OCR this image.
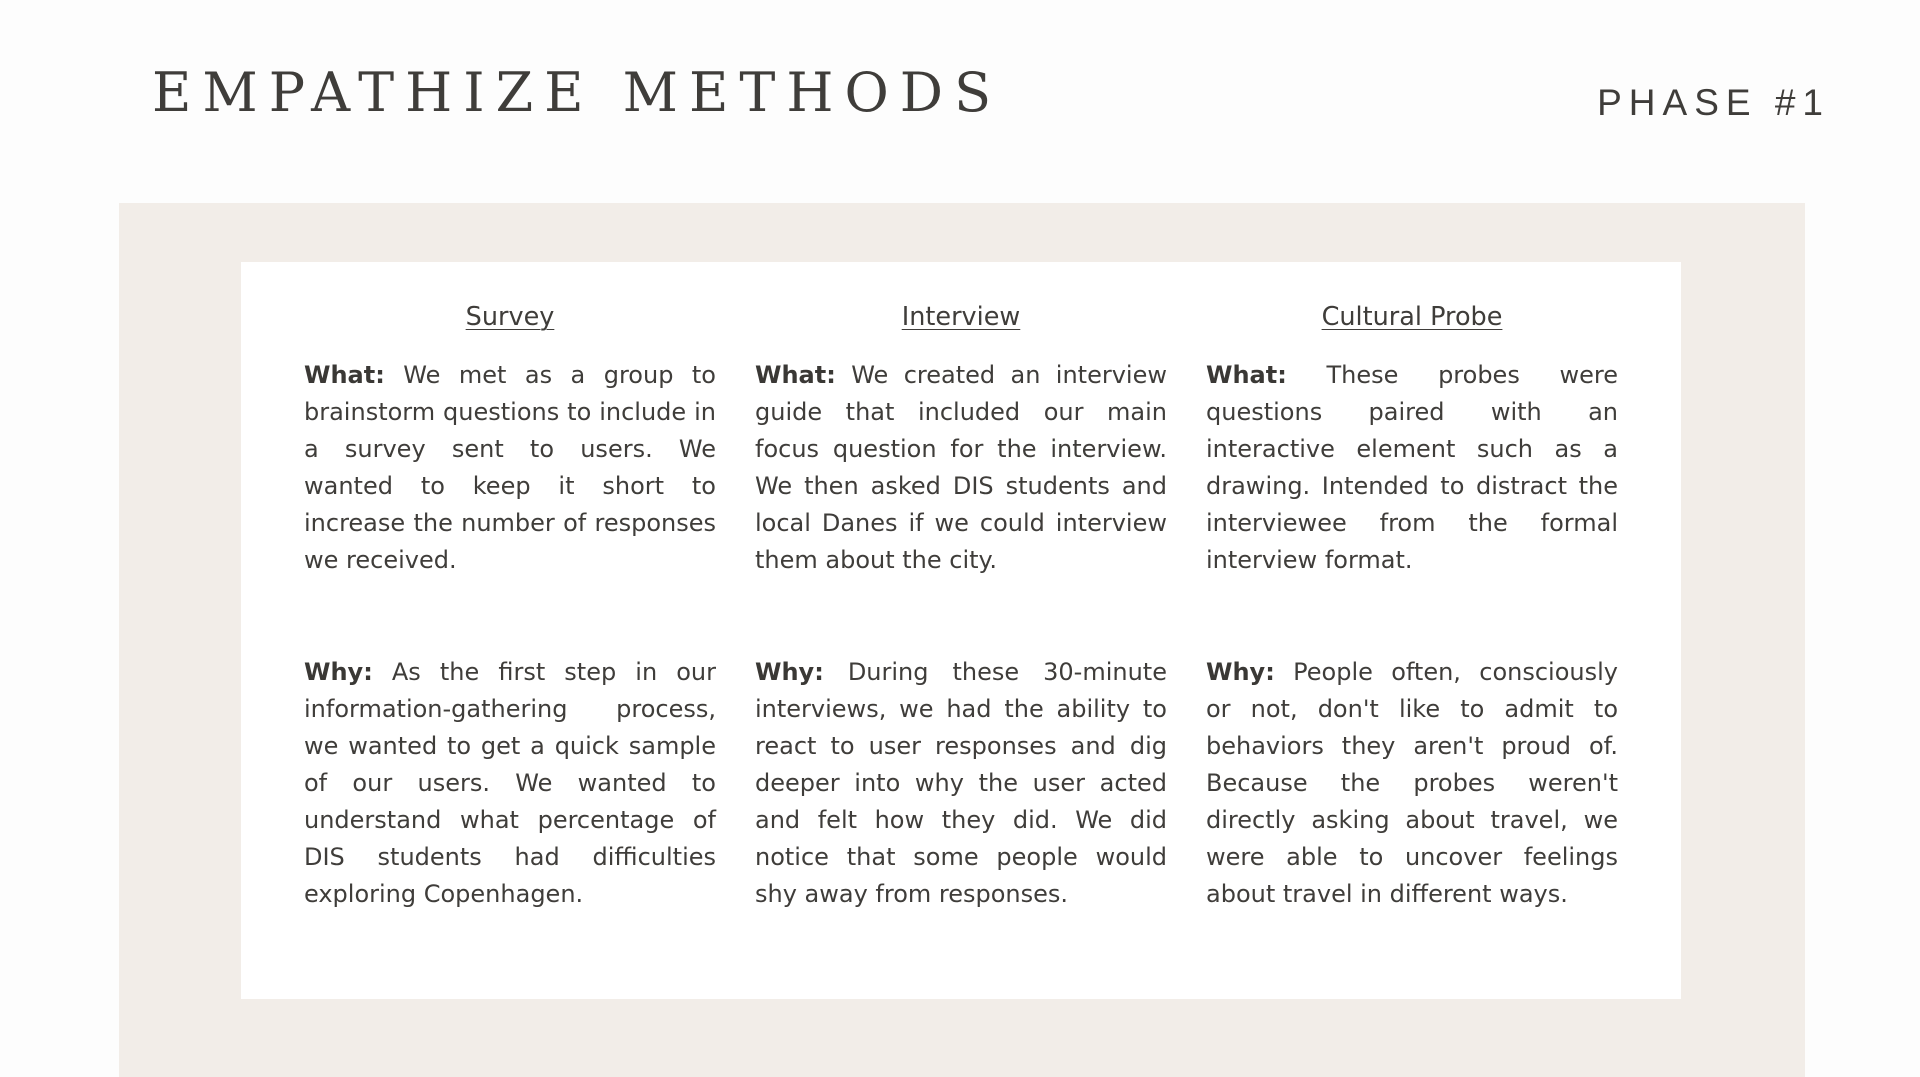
EMPATHIZE METHODS	PHASE #1
Survey

What: We met as a group to brainstorm questions to include in a survey sent to users. We wanted to keep it short to increase the number of responses we received.

Why: As the first step in our information-gathering process, we wanted to get a quick sample of our users. We wanted to understand what percentage of DIS students had difficulties exploring Copenhagen.

Interview

What: We created an interview guide that included our main focus question for the interview. We then asked DIS students and local Danes if we could interview them about the city.

Why: During these 30-minute interviews, we had the ability to react to user responses and dig deeper into why the user acted and felt how they did. We did notice that some people would shy away from responses.

Cultural Probe

What: These probes were questions paired with an interactive element such as a drawing. Intended to distract the interviewee from the formal interview format.

Why: People often, consciously or not, don't like to admit to behaviors they aren't proud of. Because the probes weren't directly asking about travel, we were able to uncover feelings about travel in different ways.
